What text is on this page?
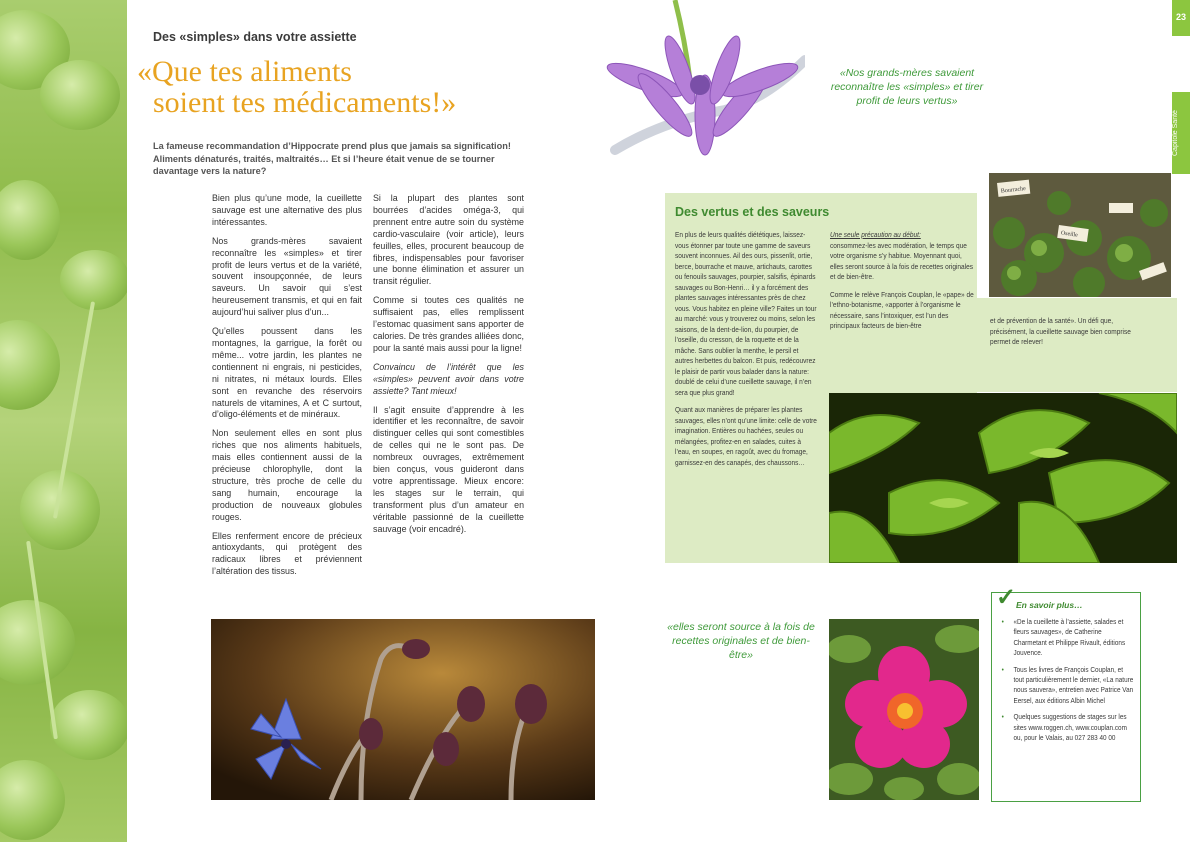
23
Capitole Santé
Des «simples» dans votre assiette
«Que tes aliments
soient tes médicaments!»
La fameuse recommandation d’Hippocrate prend plus que jamais sa signification! Aliments dénaturés, traités, maltraités… Et si l’heure était venue de se tourner davantage vers la nature?
«Nos grands-mères savaient reconnaître les «simples» et tirer profit de leurs vertus»

Bien plus qu’une mode, la cueillette sauvage est une alternative des plus intéressantes.

Nos grands-mères savaient reconnaître les «simples» et tirer profit de leurs vertus et de la variété, souvent insoupçonnée, de leurs saveurs. Un savoir qui s’est heureusement transmis, et qui en fait aujourd’hui saliver plus d’un...

Qu’elles poussent dans les montagnes, la garrigue, la forêt ou même... votre jardin, les plantes ne contiennent ni engrais, ni pesticides, ni nitrates, ni métaux lourds. Elles sont en revanche des réservoirs naturels de vitamines, A et C surtout, d’oligo-éléments et de minéraux.

Non seulement elles en sont plus riches que nos aliments habituels, mais elles contiennent aussi de la précieuse chlorophylle, dont la structure, très proche de celle du sang humain, encourage la production de nouveaux globules rouges.

Elles renferment encore de précieux antioxydants, qui protègent des radicaux libres et préviennent l’altération des tissus.

Si la plupart des plantes sont bourrées d’acides oméga-3, qui prennent entre autre soin du système cardio-vasculaire (voir article), leurs feuilles, elles, procurent beaucoup de fibres, indispensables pour favoriser une bonne élimination et assurer un transit régulier.

Comme si toutes ces qualités ne suffisaient pas, elles remplissent l’estomac quasiment sans apporter de calories. De très grandes alliées donc, pour la santé mais aussi pour la ligne!

Convaincu de l’intérêt que les «simples» peuvent avoir dans votre assiette? Tant mieux!

Il s’agit ensuite d’apprendre à les identifier et les reconnaître, de savoir distinguer celles qui sont comestibles de celles qui ne le sont pas. De nombreux ouvrages, extrêmement bien conçus, vous guideront dans votre apprentissage. Mieux encore: les stages sur le terrain, qui transforment plus d’un amateur en véritable passionné de la cueillette sauvage (voir encadré).

Des vertus et des saveurs

En plus de leurs qualités diététiques, laissez-vous étonner par toute une gamme de saveurs souvent inconnues. Ail des ours, pissenlit, ortie, berce, bourrache et mauve, artichauts, carottes ou fenouils sauvages, pourpier, salsifis, épinards sauvages ou Bon-Henri… il y a forcément des plantes sauvages intéressantes près de chez vous. Vous habitez en pleine ville? Faites un tour au marché: vous y trouverez ou moins, selon les saisons, de la dent-de-lion, du pourpier, de l’oseille, du cresson, de la roquette et de la mâche. Sans oublier la menthe, le persil et autres herbettes du balcon. Et puis, redécouvrez le plaisir de partir vous balader dans la nature: doublé de celui d’une cueillette sauvage, il n’en sera que plus grand!

Quant aux manières de préparer les plantes sauvages, elles n’ont qu’une limite: celle de votre imagination. Entières ou hachées, seules ou mélangées, profitez-en en salades, cuites à l’eau, en soupes, en ragoût, avec du fromage, garnissez-en des canapés, des chaussons…

Une seule précaution au début:
consommez-les avec modération, le temps que votre organisme s’y habitue. Moyennant quoi, elles seront source à la fois de recettes originales et de bien-être.

Comme le relève François Couplan, le «pape» de l’ethno-botanisme, «apporter à l’organisme le nécessaire, sans l’intoxiquer, est l’un des principaux facteurs de bien-être

et de prévention de la santé». Un défi que, précisément, la cueillette sauvage bien comprise permet de relever!

Bourrache
Oseille
«elles seront source à la fois de recettes originales et de bien-être»
✓ En savoir plus…
• «De la cueillette à l’assiette, salades et fleurs sauvages», de Catherine Charmetant et Philippe Rivault, éditions Jouvence.
• Tous les livres de François Couplan, et tout particulièrement le dernier, «La nature nous sauvera», entretien avec Patrice Van Eersel, aux éditions Albin Michel
• Quelques suggestions de stages sur les sites www.roggen.ch, www.couplan.com ou, pour le Valais, au 027 283 40 00
